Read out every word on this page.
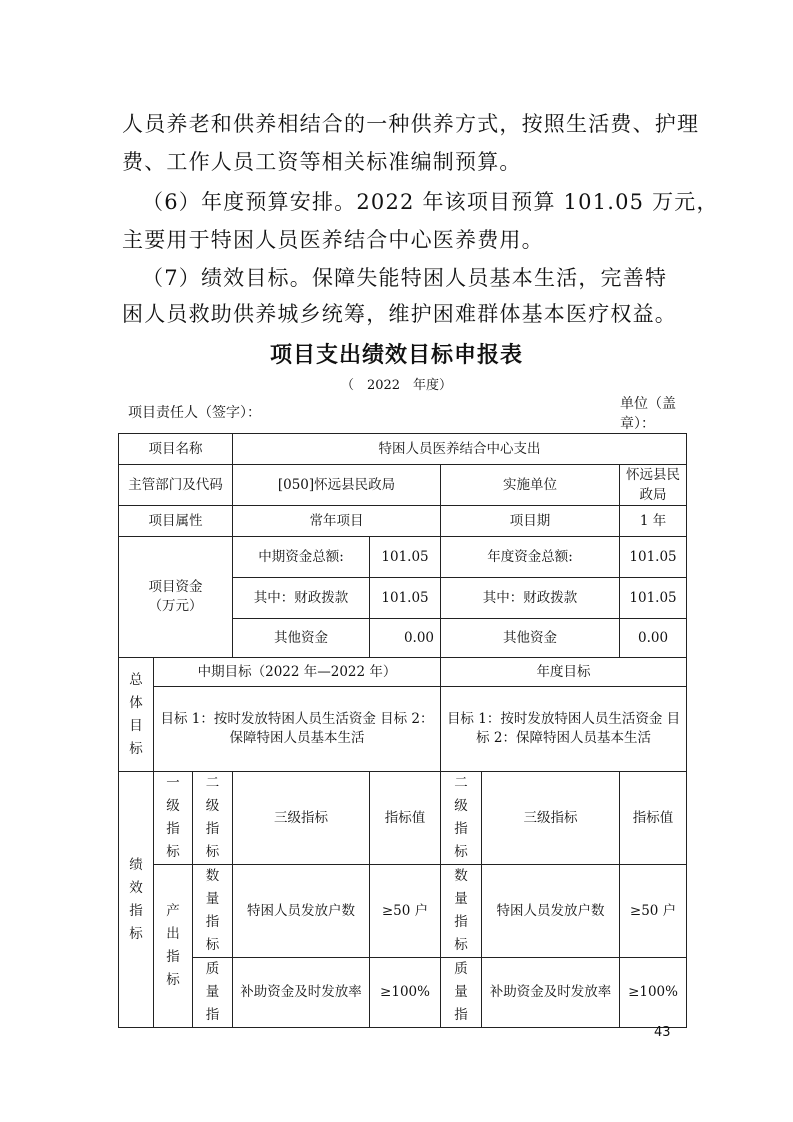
人员养老和供养相结合的一种供养方式，按照生活费、护理
费、工作人员工资等相关标准编制预算。
（6）年度预算安排。2022 年该项目预算 101.05 万元，
主要用于特困人员医养结合中心医养费用。
（7）绩效目标。保障失能特困人员基本生活，完善特
困人员救助供养城乡统筹，维护困难群体基本医疗权益。
项目支出绩效目标申报表
（　2022　年度）
项目责任人（签字）：
单位（盖
章）：
项目名称			特困人员医养结合中心支出				
主管部门及代码			[050]怀远县民政局		实施单位		怀远县民政局
项目属性			常年项目		项目期		1 年
项目资金（万元）			中期资金总额:	101.05	年度资金总额:		101.05
			其中：财政拨款	101.05	其中：财政拨款		101.05
			其他资金	0.00	其他资金		0.00
总体目标	中期目标（2022 年—2022 年）				年度目标		
	目标 1：按时发放特困人员生活资金 目标 2：保障特困人员基本生活				目标 1：按时发放特困人员生活资金 目标 2：保障特困人员基本生活		
绩效指标	一级指标	二级指标	三级指标	指标值	二级指标	三级指标	指标值
	产出指标	数量指标	特困人员发放户数	≥50 户	数量指标	特困人员发放户数	≥50 户
		质量指	补助资金及时发放率	≥100%	质量指	补助资金及时发放率	≥100%
43
